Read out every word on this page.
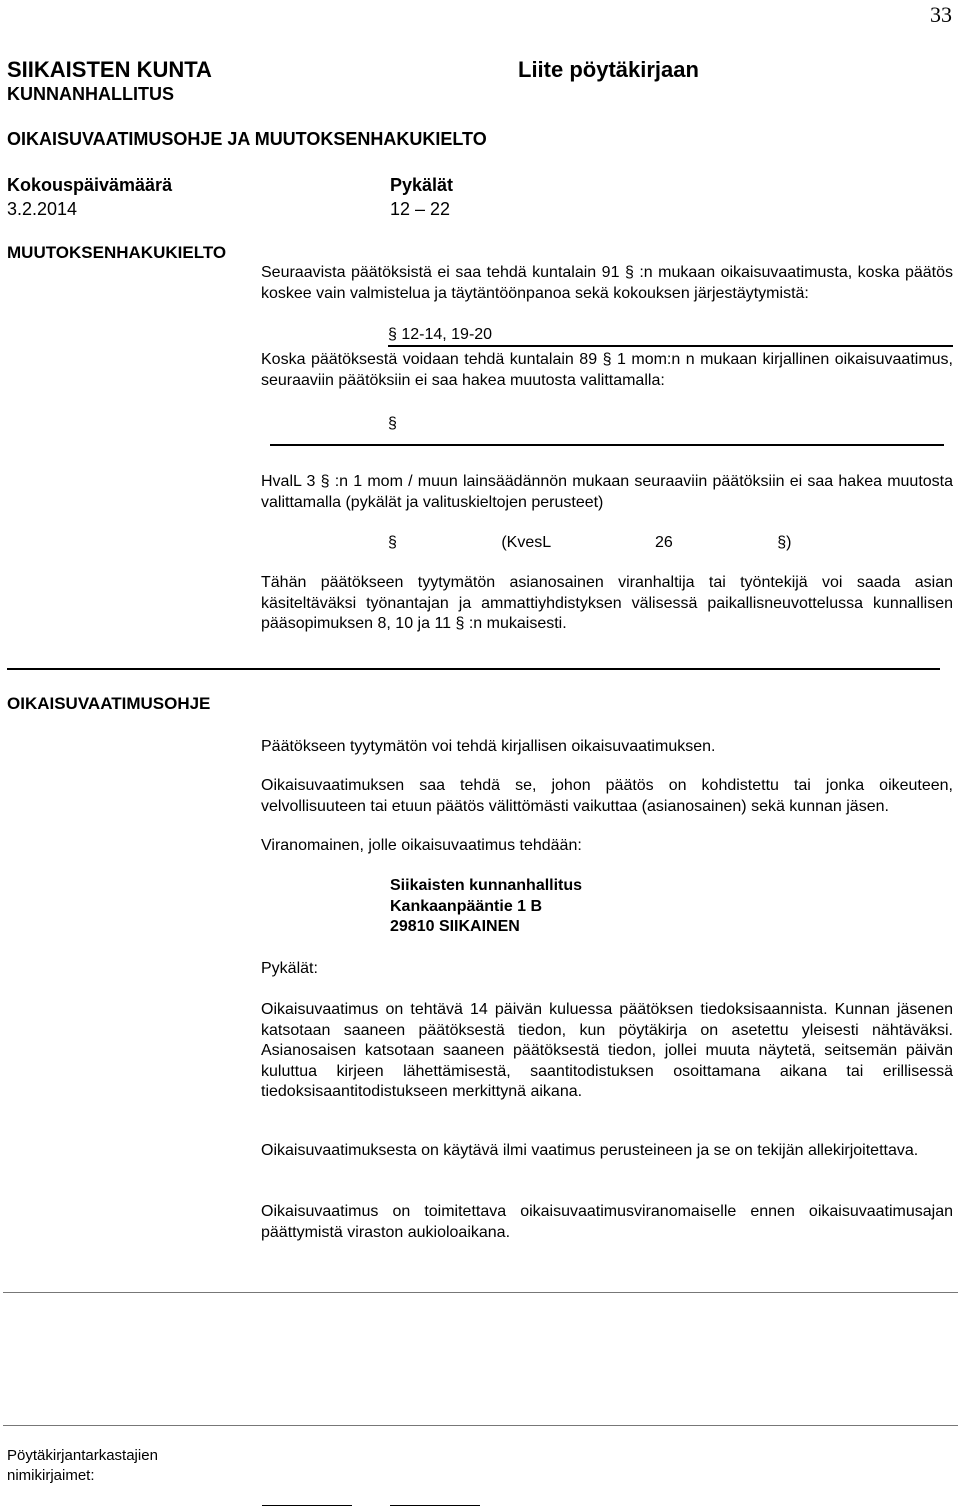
33
SIIKAISTEN KUNTA
KUNNANHALLITUS
Liite pöytäkirjaan
OIKAISUVAATIMUSOHJE JA MUUTOKSENHAKUKIELTO
Kokouspäivämäärä
3.2.2014
Pykälät
12 – 22
MUUTOKSENHAKUKIELTO
Seuraavista päätöksistä ei saa tehdä kuntalain 91 § :n mukaan oikaisuvaatimusta, koska päätös koskee vain valmistelua ja täytäntöönpanoa sekä kokouksen järjestäytymistä:
§ 12-14, 19-20
Koska päätöksestä voidaan tehdä kuntalain 89 § 1 mom:n n mukaan kirjallinen oikaisuvaatimus, seuraaviin päätöksiin ei saa hakea muutosta valittamalla:
§
HvalL 3 § :n 1 mom / muun lainsäädännön mukaan seuraaviin päätöksiin ei saa hakea muutosta valittamalla (pykälät ja valituskieltojen perusteet)
§ (KvesL 26 §)
Tähän päätökseen tyytymätön asianosainen viranhaltija tai työntekijä voi saada asian käsiteltäväksi työnantajan ja ammattiyhdistyksen välisessä paikallisneuvottelussa kunnallisen pääsopimuksen 8, 10 ja 11 § :n mukaisesti.
OIKAISUVAATIMUSOHJE
Päätökseen tyytymätön voi tehdä kirjallisen oikaisuvaatimuksen.
Oikaisuvaatimuksen saa tehdä se, johon päätös on kohdistettu tai jonka oikeuteen, velvollisuuteen tai etuun päätös välittömästi vaikuttaa (asianosainen) sekä kunnan jäsen.
Viranomainen, jolle oikaisuvaatimus tehdään:
Siikaisten kunnanhallitus
Kankaanpääntie 1 B
29810 SIIKAINEN
Pykälät:
Oikaisuvaatimus on tehtävä 14 päivän kuluessa päätöksen tiedoksisaannista. Kunnan jäsenen katsotaan saaneen päätöksestä tiedon, kun pöytäkirja on asetettu yleisesti nähtäväksi. Asianosaisen katsotaan saaneen päätöksestä tiedon, jollei muuta näytetä, seitsemän päivän kuluttua kirjeen lähettämisestä, saantitodistuksen osoittamana aikana tai erillisessä tiedoksisaantitodistukseen merkittynä aikana.
Oikaisuvaatimuksesta on käytävä ilmi vaatimus perusteineen ja se on tekijän allekirjoitettava.
Oikaisuvaatimus on toimitettava oikaisuvaatimusviranomaiselle ennen oikaisuvaatimusajan päättymistä viraston aukioloaikana.
Pöytäkirjantarkastajien
nimikirjaimet:
